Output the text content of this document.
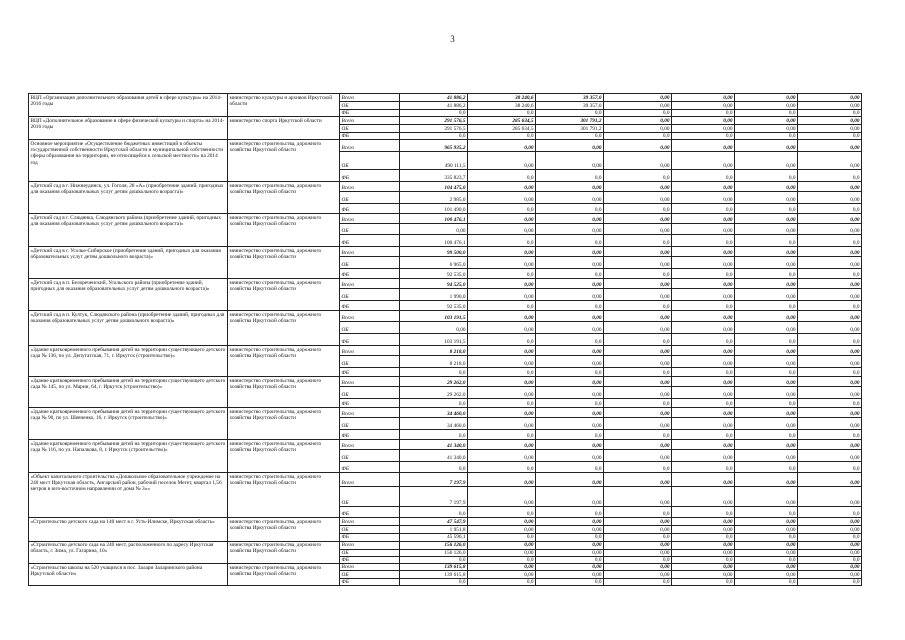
3
ВЦП «Организация дополнительного образования детей в сфере культуры» на 2014-2016 годы	министерство культуры и архивов Иркутской области	Всего	41 886,2	38 240,6	39 357,0	0,00	0,00	0,00	0,00
		ОБ	41 886,2	38 240,6	39 357,0	0,00	0,00	0,00	0,00
		ФБ	0,0	0,0	0,0	0,0	0,0	0,0	0,0
ВЦП «Дополнительное образование в сфере физической культуры и спорта» на 2014-2016 годы	министерство спорта Иркутской области	Всего	291 576,5	285 634,5	301 791,2	0,00	0,00	0,00	0,00
		ОБ	291 576,5	285 634,5	301 791,2	0,00	0,00	0,00	0,00
		ФБ	0,0	0,0	0,0	0,0	0,0	0,0	0,0
Основное мероприятие «Осуществление бюджетных инвестиций в объекты государственной собственности Иркутской области и муниципальной собственности сферы образования на территории, не относящейся к сельской местности» на 2014 год	министерство строительства, дорожного хозяйства Иркутской области	Всего	965 935,2	0,00	0,00	0,00	0,00	0,00	0,00
		ОБ	490 111,5	0,00	0,00	0,00	0,00	0,00	0,00
		ФБ	335 823,7	0,0	0,0	0,0	0,0	0,0	0,0
«Детский сад в г. Нижнеудинск, ул. Гоголя, 28 «А» (приобретение зданий, пригодных для оказания образовательных услуг детям дошкольного возраста)»	министерство строительства, дорожного хозяйства Иркутской области	Всего	104 475,0	0,00	0,00	0,00	0,00	0,00	0,00
		ОБ	2 985,0	0,00	0,00	0,00	0,00	0,00	0,00
		ФБ	101 490,0	0,0	0,0	0,0	0,0	0,0	0,0
«Детский сад в г. Слюдянка, Слюдянского района (приобретение зданий, пригодных для оказания образовательных услуг детям дошкольного возраста)»	министерство строительства, дорожного хозяйства Иркутской области	Всего	100 476,1	0,00	0,00	0,00	0,00	0,00	0,00
		ОБ	0,00	0,00	0,00	0,00	0,00	0,00	0,00
		ФБ	100 476,1	0,0	0,0	0,0	0,0	0,0	0,0
«Детский сад в г. Усолье-Сибирское (приобретение зданий, пригодных для оказания образовательных услуг детям дошкольного возраста)»	министерство строительства, дорожного хозяйства Иркутской области	Всего	99 500,0	0,00	0,00	0,00	0,00	0,00	0,00
		ОБ	6 965,0	0,00	0,00	0,00	0,00	0,00	0,00
		ФБ	92 535,0	0,0	0,0	0,0	0,0	0,0	0,0
«Детский сад в п. Белореченский, Усольского района (приобретение зданий, пригодных для оказания образовательных услуг детям дошкольного возраста)»	министерство строительства, дорожного хозяйства Иркутской области	Всего	94 525,0	0,00	0,00	0,00	0,00	0,00	0,00
		ОБ	1 990,0	0,00	0,00	0,00	0,00	0,00	0,00
		ФБ	92 535,0	0,0	0,0	0,0	0,0	0,0	0,0
«Детский сад в п. Култук, Слюдянского района (приобретение зданий, пригодных для оказания образовательных услуг детям дошкольного возраста)»	министерство строительства, дорожного хозяйства Иркутской области	Всего	103 191,5	0,00	0,00	0,00	0,00	0,00	0,00
		ОБ	0,00	0,00	0,00	0,00	0,00	0,00	0,00
		ФБ	103 191,5	0,0	0,0	0,0	0,0	0,0	0,0
«Здание кратковременного пребывания детей на территории существующего детского сада № 136, по ул. Депутатская, 71, г. Иркутск (строительство)»	министерство строительства, дорожного хозяйства Иркутской области	Всего	8 218,0	0,00	0,00	0,00	0,00	0,00	0,00
		ОБ	8 218,0	0,00	0,00	0,00	0,00	0,00	0,00
		ФБ	0,0	0,0	0,0	0,0	0,0	0,0	0,0
«Здание кратковременного пребывания детей на территории существующего детского сада № 145, по ул. Марии, 64, г. Иркутск (строительство)»	министерство строительства, дорожного хозяйства Иркутской области	Всего	29 262,0	0,00	0,00	0,00	0,00	0,00	0,00
		ОБ	29 262,0	0,00	0,00	0,00	0,00	0,00	0,00
		ФБ	0,0	0,0	0,0	0,0	0,0	0,0	0,0
«Здание кратковременного пребывания детей на территории существующего детского сада № 90, по ул. Шевченко, 16, г. Иркутск (строительство)»	министерство строительства, дорожного хозяйства Иркутской области	Всего	34 460,0	0,00	0,00	0,00	0,00	0,00	0,00
		ОБ	34 460,0	0,00	0,00	0,00	0,00	0,00	0,00
		ФБ	0,0	0,0	0,0	0,0	0,0	0,0	0,0
«Здание кратковременного пребывания детей на территории существующего детского сада № 116, по ул. Напалкова, 8, г. Иркутск (строительство)»	министерство строительства, дорожного хозяйства Иркутской области	Всего	41 340,0	0,00	0,00	0,00	0,00	0,00	0,00
		ОБ	41 340,0	0,00	0,00	0,00	0,00	0,00	0,00
		ФБ	0,0	0,0	0,0	0,0	0,0	0,0	0,0
«Объект капитального строительства «Дошкольное образовательное учреждение на 240 мест Иркутская область, Ангарский район, рабочий поселок Мегет, квартал 1,56 метров в юго-восточном направлении от дома № 3»»	министерство строительства, дорожного хозяйства Иркутской области	Всего	7 197,9	0,00	0,00	0,00	0,00	0,00	0,00
		ОБ	7 197,9	0,00	0,00	0,00	0,00	0,00	0,00
		ФБ	0,0	0,0	0,0	0,0	0,0	0,0	0,0
«Строительство детского сада на 140 мест в г. Усть-Илимске, Иркутская область»	министерство строительства, дорожного хозяйства Иркутской области	Всего	47 547,9	0,00	0,00	0,00	0,00	0,00	0,00
		ОБ	1 951,8	0,00	0,00	0,00	0,00	0,00	0,00
		ФБ	45 596,1	0,0	0,0	0,0	0,0	0,0	0,0
«Строительство детского сада на 240 мест, расположенного по адресу Иркутская область, г. Зима, ул. Гагарина, 10»	министерство строительства, дорожного хозяйства Иркутской области	Всего	156 126,0	0,00	0,00	0,00	0,00	0,00	0,00
		ОБ	156 126,0	0,00	0,00	0,00	0,00	0,00	0,00
		ФБ	0,0	0,0	0,0	0,0	0,0	0,0	0,0
«Строительство школы на 520 учащихся в пос. Залари Заларинского района Иркутской области»	министерство строительства, дорожного хозяйства Иркутской области	Всего	139 615,8	0,00	0,00	0,00	0,00	0,00	0,00
		ОБ	139 615,8	0,00	0,00	0,00	0,00	0,00	0,00
		ФБ	0,0	0,0	0,0	0,0	0,0	0,0	0,0
